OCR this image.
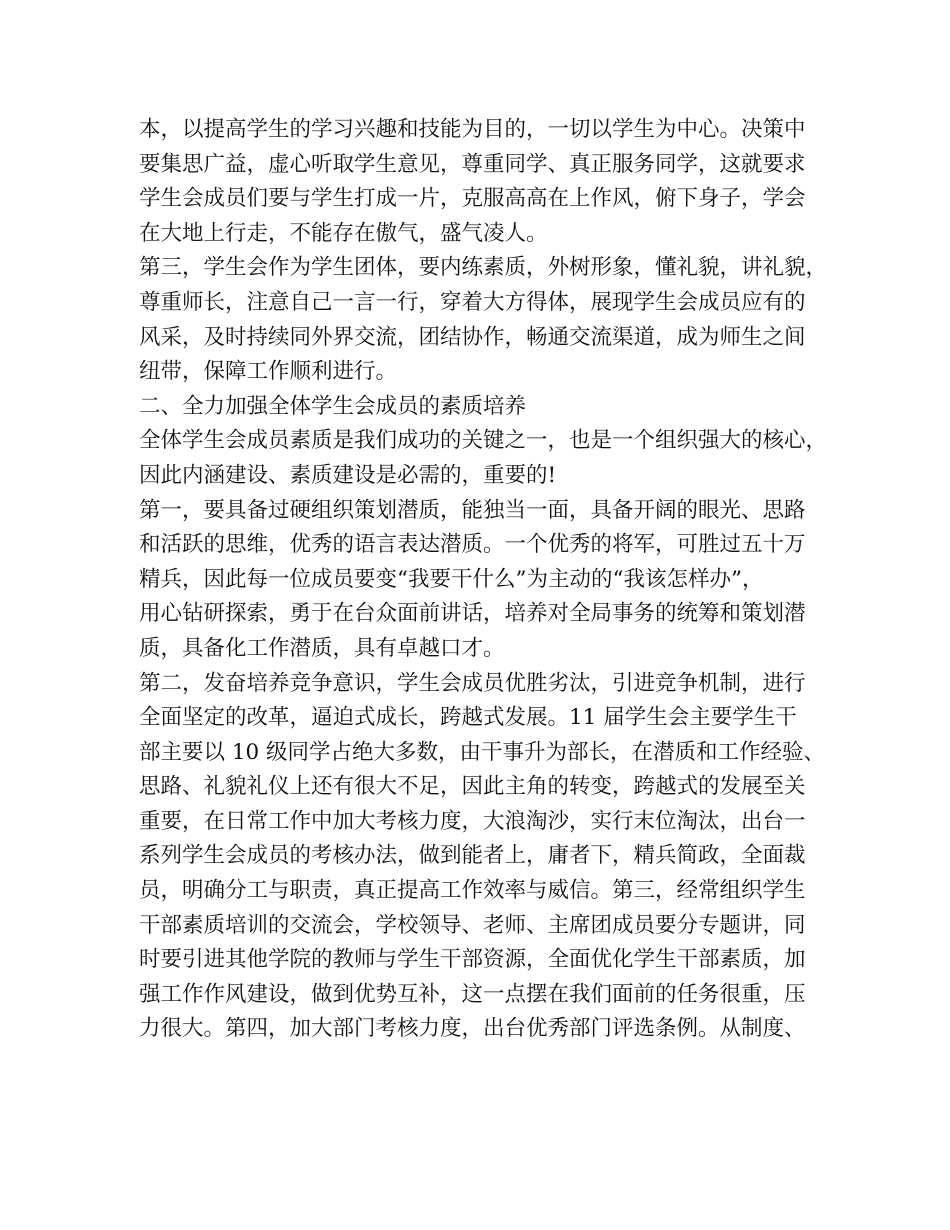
本，以提高学生的学习兴趣和技能为目的，一切以学生为中心。决策中
要集思广益，虚心听取学生意见，尊重同学、真正服务同学，这就要求
学生会成员们要与学生打成一片，克服高高在上作风，俯下身子，学会
在大地上行走，不能存在傲气，盛气凌人。
第三，学生会作为学生团体，要内练素质，外树形象，懂礼貌，讲礼貌，
尊重师长，注意自己一言一行，穿着大方得体，展现学生会成员应有的
风采，及时持续同外界交流，团结协作，畅通交流渠道，成为师生之间
纽带，保障工作顺利进行。
二、全力加强全体学生会成员的素质培养
全体学生会成员素质是我们成功的关键之一，也是一个组织强大的核心，
因此内涵建设、素质建设是必需的，重要的!
第一，要具备过硬组织策划潜质，能独当一面，具备开阔的眼光、思路
和活跃的思维，优秀的语言表达潜质。一个优秀的将军，可胜过五十万
精兵，因此每一位成员要变“我要干什么”为主动的“我该怎样办”，
用心钻研探索，勇于在台众面前讲话，培养对全局事务的统筹和策划潜
质，具备化工作潜质，具有卓越口才。
第二，发奋培养竞争意识，学生会成员优胜劣汰，引进竞争机制，进行
全面坚定的改革，逼迫式成长，跨越式发展。11 届学生会主要学生干
部主要以 10 级同学占绝大多数，由干事升为部长，在潜质和工作经验、
思路、礼貌礼仪上还有很大不足，因此主角的转变，跨越式的发展至关
重要，在日常工作中加大考核力度，大浪淘沙，实行末位淘汰，出台一
系列学生会成员的考核办法，做到能者上，庸者下，精兵简政，全面裁
员，明确分工与职责，真正提高工作效率与威信。第三，经常组织学生
干部素质培训的交流会，学校领导、老师、主席团成员要分专题讲，同
时要引进其他学院的教师与学生干部资源，全面优化学生干部素质，加
强工作作风建设，做到优势互补，这一点摆在我们面前的任务很重，压
力很大。第四，加大部门考核力度，出台优秀部门评选条例。从制度、
